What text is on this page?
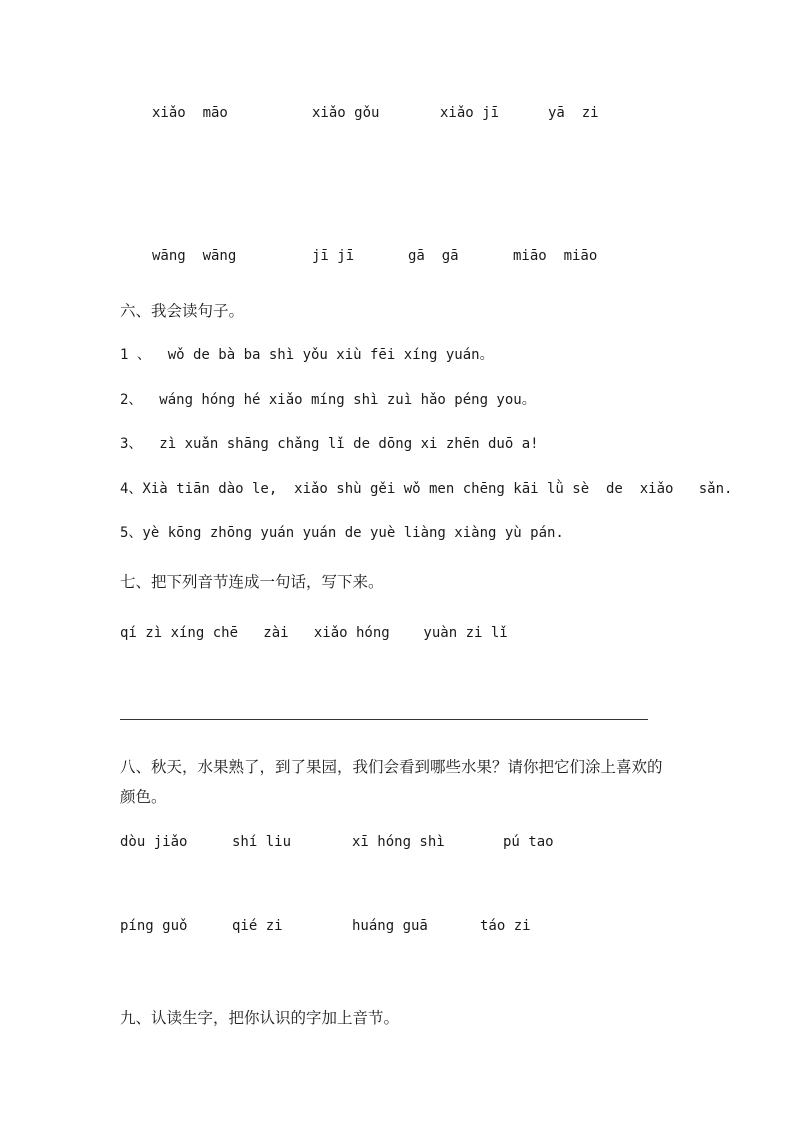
xiǎo  māo	xiǎo gǒu	xiǎo jī	yā  zi
wāng  wāng	jī jī	gā  gā	miāo  miāo
六、我会读句子。
1 、  wǒ de bà ba shì yǒu xiù fēi xíng yuán。
2、  wáng hóng hé xiǎo míng shì zuì hǎo péng you。
3、  zì xuǎn shāng chǎng lǐ de dōng xi zhēn duō a!
4、Xià tiān dào le,  xiǎo shù gěi wǒ men chēng kāi lǜ sè  de  xiǎo   sǎn.
5、yè kōng zhōng yuán yuán de yuè liàng xiàng yù pán.
七、把下列音节连成一句话，写下来。
qí zì xíng chē   zài   xiǎo hóng    yuàn zi lǐ
八、秋天，水果熟了，到了果园，我们会看到哪些水果？请你把它们涂上喜欢的
颜色。
dòu jiǎo	shí liu	xī hóng shì	pú tao
píng guǒ	qié zi	huáng guā	táo zi
九、认读生字，把你认识的字加上音节。
